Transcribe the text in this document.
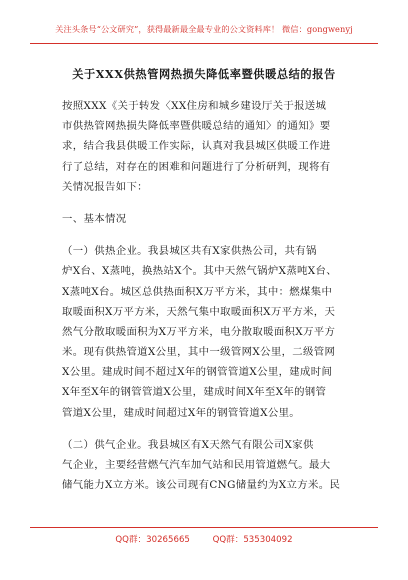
关注头条号“公文研究”，获得最新最全最专业的公文资料库！ 微信：gongwenyj
关于XXX供热管网热损失降低率暨供暖总结的报告
按照XXX《关于转发〈XX住房和城乡建设厅关于报送城
市供热管网热损失降低率暨供暖总结的通知〉的通知》要
求，结合我县供暖工作实际，认真对我县城区供暖工作进
行了总结，对存在的困难和问题进行了分析研判，现将有
关情况报告如下：
一、基本情况
（一）供热企业。我县城区共有X家供热公司，共有锅
炉X台、X蒸吨，换热站X个。其中天然气锅炉X蒸吨X台、
X蒸吨X台。城区总供热面积X万平方米，其中：燃煤集中
取暖面积X万平方米，天然气集中取暖面积X万平方米，天
然气分散取暖面积为X万平方米，电分散取暖面积X万平方
米。现有供热管道X公里，其中一级管网X公里，二级管网
X公里。建成时间不超过X年的钢管管道X公里，建成时间
X年至X年的钢管管道X公里，建成时间X年至X年的钢管
管道X公里，建成时间超过X年的钢管管道X公里。
（二）供气企业。我县城区有X天然气有限公司X家供
气企业，主要经营燃气汽车加气站和民用管道燃气。最大
储气能力X立方米。该公司现有CNG储量约为X立方米。民
QQ群：30265665	QQ群：535304092
